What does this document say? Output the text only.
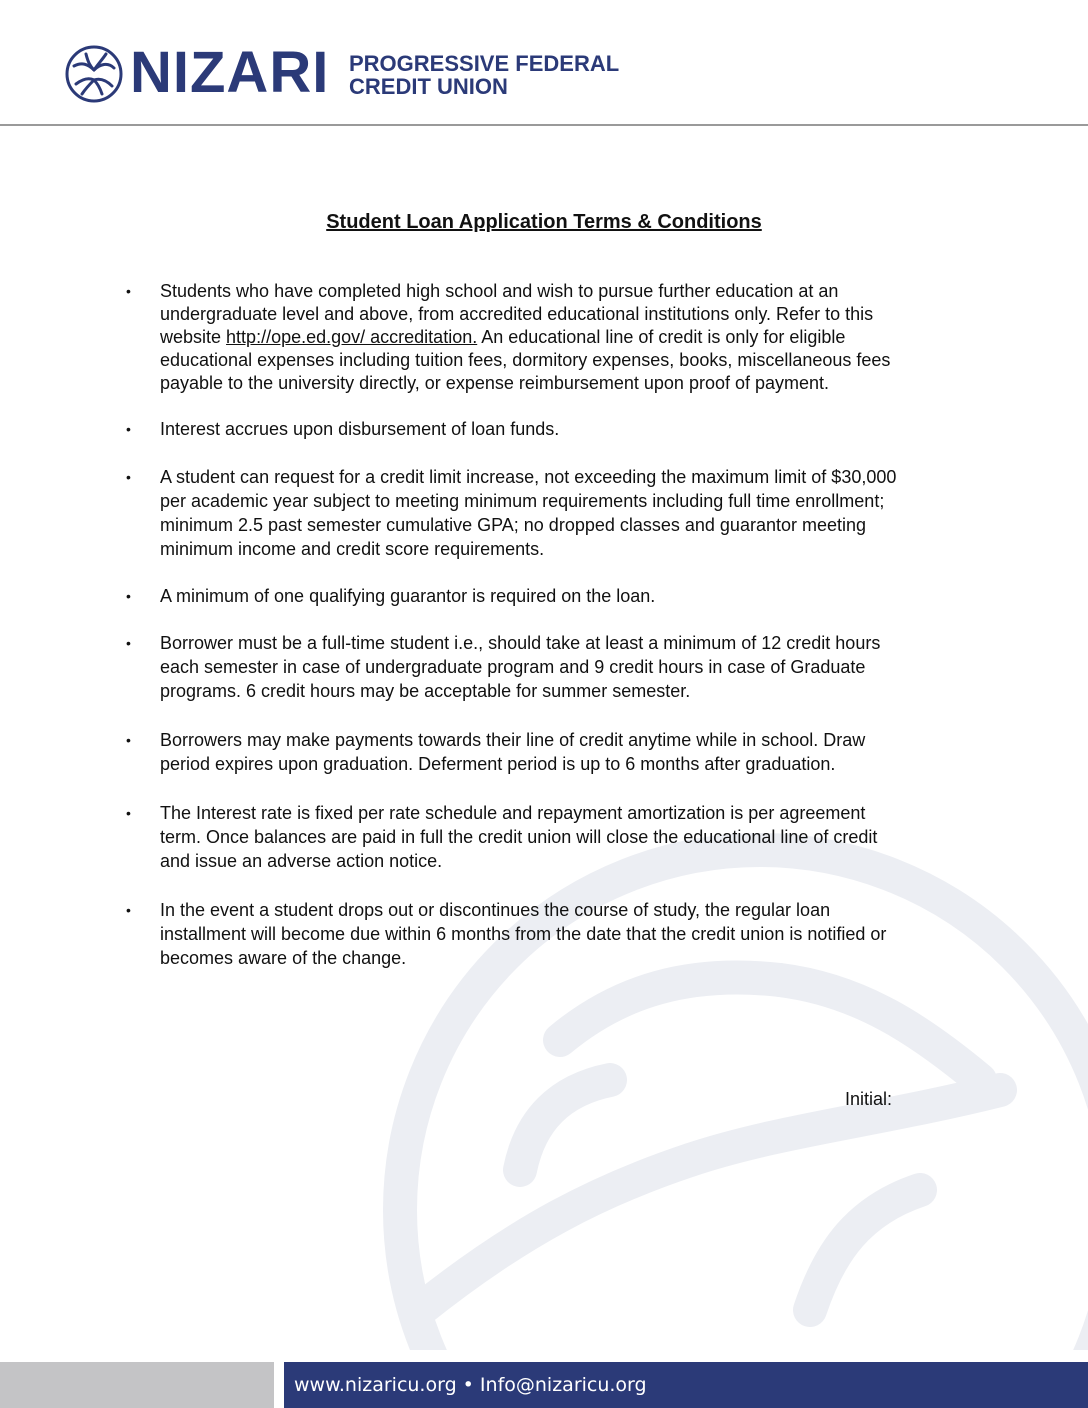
NIZARI PROGRESSIVE FEDERAL
CREDIT UNION
Student Loan Application Terms & Conditions
• Students who have completed high school and wish to pursue further education at an undergraduate level and above, from accredited educational institutions only. Refer to this website http://ope.ed.gov/ accreditation. An educational line of credit is only for eligible educational expenses including tuition fees, dormitory expenses, books, miscellaneous fees payable to the university directly, or expense reimbursement upon proof of payment.
• Interest accrues upon disbursement of loan funds.
• A student can request for a credit limit increase, not exceeding the maximum limit of $30,000 per academic year subject to meeting minimum requirements including full time enrollment; minimum 2.5 past semester cumulative GPA; no dropped classes and guarantor meeting minimum income and credit score requirements.
• A minimum of one qualifying guarantor is required on the loan.
• Borrower must be a full-time student i.e., should take at least a minimum of 12 credit hours each semester in case of undergraduate program and 9 credit hours in case of Graduate programs. 6 credit hours may be acceptable for summer semester.
• Borrowers may make payments towards their line of credit anytime while in school. Draw period expires upon graduation. Deferment period is up to 6 months after graduation.
• The Interest rate is fixed per rate schedule and repayment amortization is per agreement term. Once balances are paid in full the credit union will close the educational line of credit and issue an adverse action notice.
• In the event a student drops out or discontinues the course of study, the regular loan installment will become due within 6 months from the date that the credit union is notified or becomes aware of the change.
Initial:
www.nizaricu.org • Info@nizaricu.org
